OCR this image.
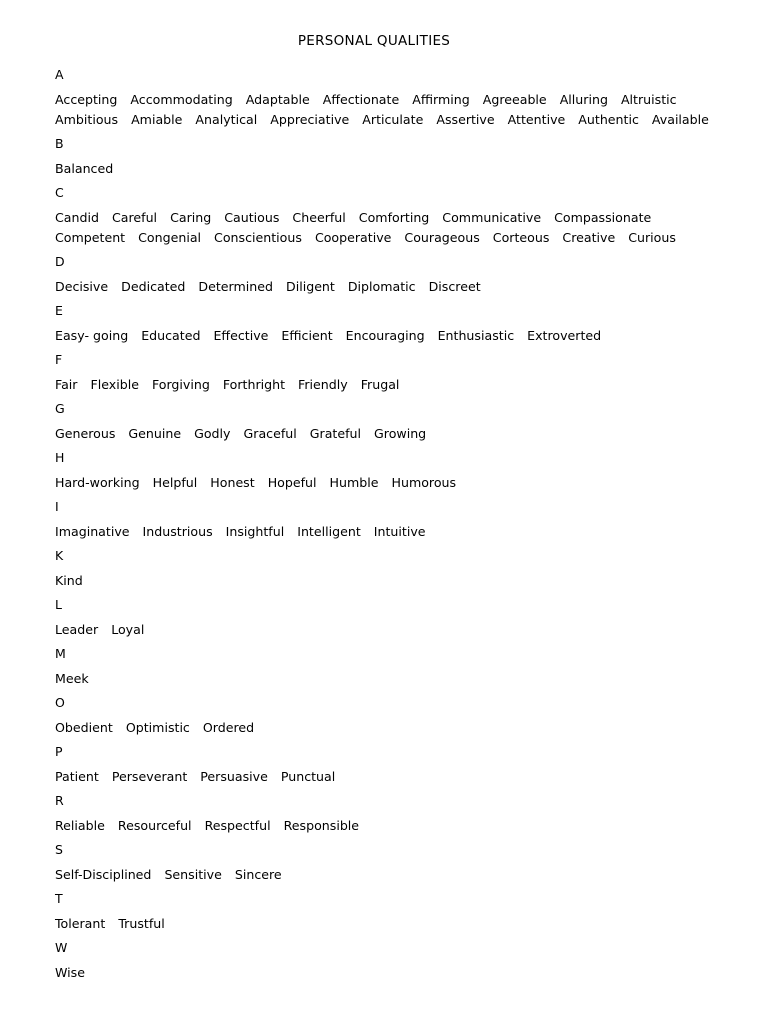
PERSONAL QUALITIES
A
Accepting Accommodating Adaptable Affectionate Affirming Agreeable Alluring AltruisticAmbitious Amiable Analytical Appreciative Articulate Assertive Attentive Authentic Available
B
Balanced
C
Candid Careful Caring Cautious Cheerful Comforting Communicative CompassionateCompetent Congenial Conscientious Cooperative Courageous Corteous Creative Curious
D
Decisive Dedicated Determined Diligent Diplomatic Discreet
E
Easy- going Educated Effective Efficient Encouraging Enthusiastic Extroverted
F
Fair Flexible Forgiving Forthright Friendly Frugal
G
Generous Genuine Godly Graceful Grateful Growing
H
Hard-working Helpful Honest Hopeful Humble Humorous
I
Imaginative Industrious Insightful Intelligent Intuitive
K
Kind
L
Leader Loyal
M
Meek
O
Obedient Optimistic Ordered
P
Patient Perseverant Persuasive Punctual
R
Reliable Resourceful Respectful Responsible
S
Self-Disciplined Sensitive Sincere
T
Tolerant Trustful
W
Wise
